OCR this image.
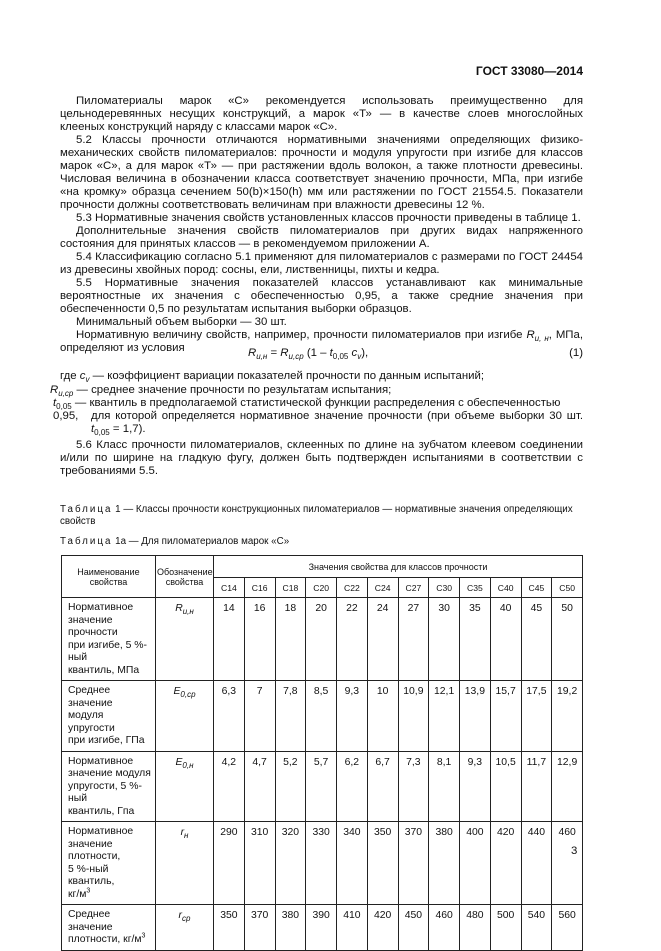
ГОСТ 33080—2014

Пиломатериалы марок «С» рекомендуется использовать преимущественно для цельнодеревянных несущих конструкций, а марок «Т» — в качестве слоев многослойных клееных конструкций наряду с классами марок «С».

5.2 Классы прочности отличаются нормативными значениями определяющих физико-механических свойств пиломатериалов: прочности и модуля упругости при изгибе для классов марок «С», а для марок «Т» — при растяжении вдоль волокон, а также плотности древесины. Числовая величина в обозначении класса соответствует значению прочности, МПа, при изгибе «на кромку» образца сечением 50(b)×150(h) мм или растяжении по ГОСТ 21554.5. Показатели прочности должны соответствовать величинам при влажности древесины 12 %.

5.3 Нормативные значения свойств установленных классов прочности приведены в таблице 1.

Дополнительные значения свойств пиломатериалов при других видах напряженного состояния для принятых классов — в рекомендуемом приложении А.

5.4 Классификацию согласно 5.1 применяют для пиломатериалов с размерами по ГОСТ 24454 из древесины хвойных пород: сосны, ели, лиственницы, пихты и кедра.

5.5 Нормативные значения показателей классов устанавливают как минимальные вероятностные их значения с обеспеченностью 0,95, а также средние значения при обеспеченности 0,5 по результатам испытания выборки образцов.

Минимальный объем выборки — 30 шт.

Нормативную величину свойств, например, прочности пиломатериалов при изгибе $R_{u, н}$, МПа, определяют из условия	$R_{u,н} = R_{u,ср}$ ($1 - t_{0,05}$ $c_v$),	(1)
где $c_v$ — коэффициент вариации показателей прочности по данным испытаний;
$R_{u,ср}$ — среднее значение прочности по результатам испытания;
$t_{0,05}$ — квантиль в предполагаемой статистической функции распределения с обеспеченностью 0,95,	для которой определяется нормативное значение прочности (при объеме выборки 30 шт.
$t_{0,05} = 1,7$).

5.6 Класс прочности пиломатериалов, склеенных по длине на зубчатом клеевом соединении и/или по ширине на гладкую фугу, должен быть подтвержден испытаниями в соответствии с требованиями 5.5.

Таблица 1 — Классы прочности конструкционных пиломатериалов — нормативные значения определяющих
свойств
Таблица 1а — Для пиломатериалов марок «С»
Наименование свойства	Обозначение свойства	Значения свойства для классов прочности											
		С14	С16	С18	С20	С22	С24	С27	С30	С35	С40	С45	С50
Нормативное
значение прочности
при изгибе, 5 %-ный
квантиль, МПа	$R_{u,н}$	14	16	18	20	22	24	27	30	35	40	45	50
Среднее значение
модуля упругости
при изгибе, ГПа	$E_{0,ср}$	6,3	7	7,8	8,5	9,3	10	10,9	12,1	13,9	15,7	17,5	19,2
Нормативное
значение модуля
упругости, 5 %-ный
квантиль, Гпа	$E_{0,н}$	4,2	4,7	5,2	5,7	6,2	6,7	7,3	8,1	9,3	10,5	11,7	12,9
Нормативное
значение плотности,
5 %-ный квантиль,
$кг/м^3$	$r_н$	290	310	320	330	340	350	370	380	400	420	440	460
Среднее значение
плотности, $кг/м^3$	$r_{ср}$	350	370	380	390	410	420	450	460	480	500	540	560
3
